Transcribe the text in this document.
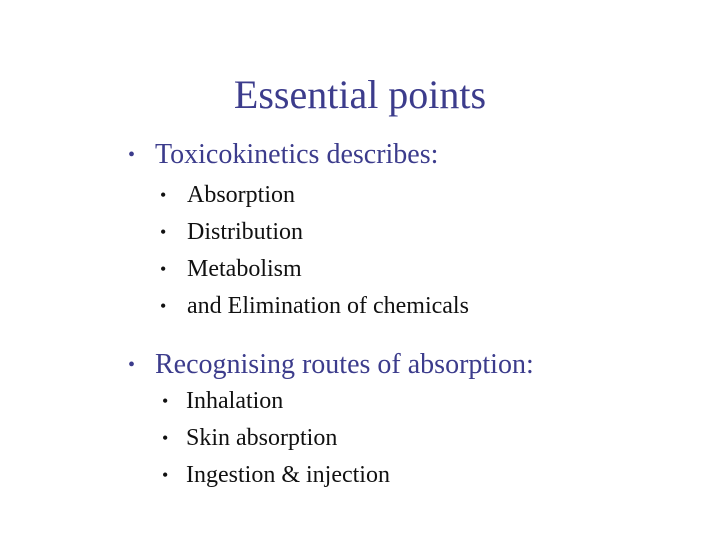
Essential points
• Toxicokinetics describes:
• Absorption
• Distribution
• Metabolism
• and Elimination of chemicals
• Recognising routes of absorption:
• Inhalation
• Skin absorption
• Ingestion & injection
